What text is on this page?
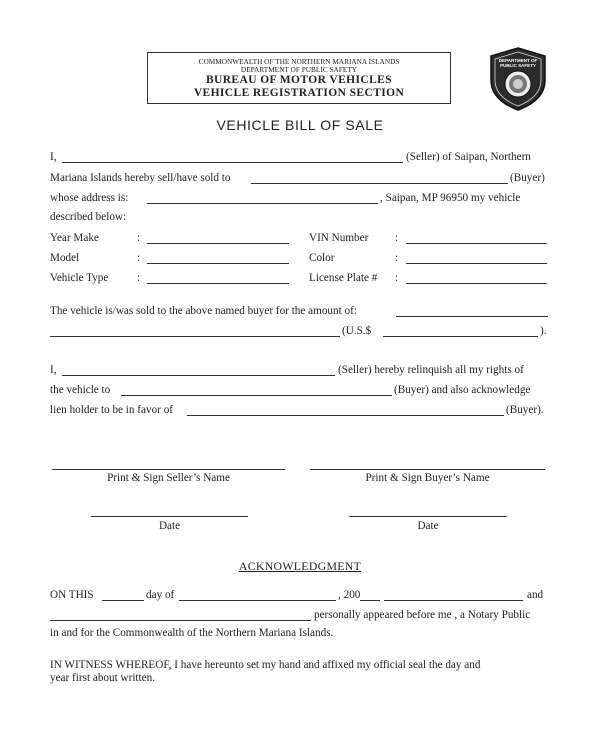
COMMONWEALTH OF THE NORTHERN MARIANA ISLANDS
DEPARTMENT OF PUBLIC SAFETY
BUREAU OF MOTOR VEHICLES
VEHICLE REGISTRATION SECTION
DEPARTMENT OF PUBLIC SAFETY
VEHICLE BILL OF SALE
I,	(Seller) of Saipan, Northern
Mariana Islands hereby sell/have sold to	(Buyer)
whose address is:	, Saipan, MP 96950 my vehicle
described below:
Year Make	:	VIN Number :
Model	:	Color	:
Vehicle Type	:	License Plate # :
The vehicle is/was sold to the above named buyer for the amount of:
(U.S.$	).
I,	(Seller) hereby relinquish all my rights of
the vehicle to	(Buyer) and also acknowledge
lien holder to be in favor of	(Buyer).
Print & Sign Seller’s Name	Print & Sign Buyer’s Name
Date	Date
ACKNOWLEDGMENT
ON THIS	day of	, 200	and
personally appeared before me , a Notary Public
in and for the Commonwealth of the Northern Mariana Islands.
IN WITNESS WHEREOF, I have hereunto set my hand and affixed my official seal the day and
year first about written.
